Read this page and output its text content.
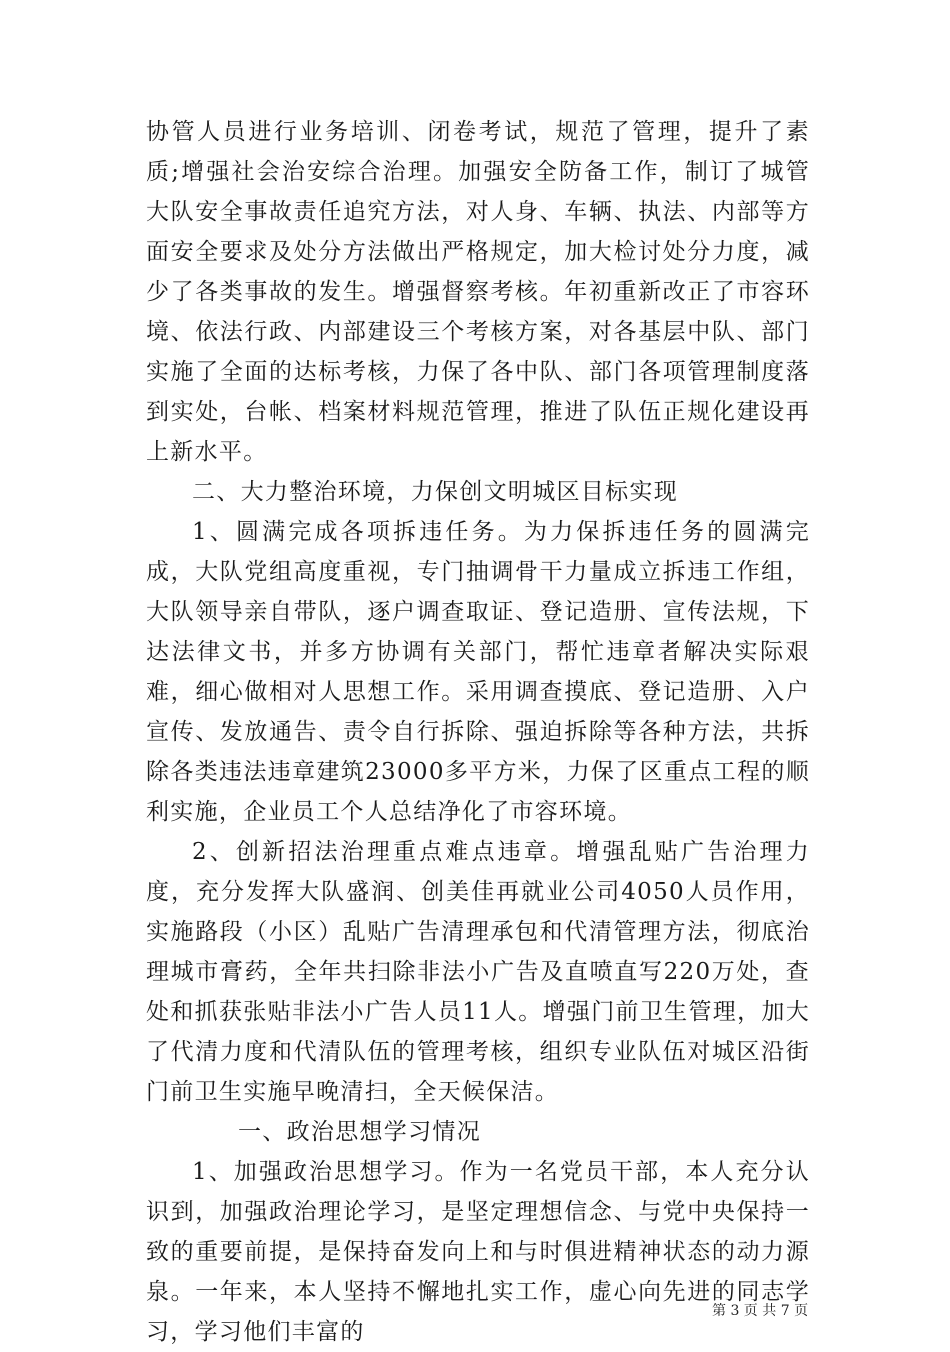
协管人员进行业务培训、闭卷考试，规范了管理，提升了素质;增强社会治安综合治理。加强安全防备工作，制订了城管大队安全事故责任追究方法，对人身、车辆、执法、内部等方面安全要求及处分方法做出严格规定，加大检讨处分力度，减少了各类事故的发生。增强督察考核。年初重新改正了市容环境、依法行政、内部建设三个考核方案，对各基层中队、部门实施了全面的达标考核，力保了各中队、部门各项管理制度落到实处，台帐、档案材料规范管理，推进了队伍正规化建设再上新水平。

二、大力整治环境，力保创文明城区目标实现

1、圆满完成各项拆违任务。为力保拆违任务的圆满完成，大队党组高度重视，专门抽调骨干力量成立拆违工作组，大队领导亲自带队，逐户调查取证、登记造册、宣传法规，下达法律文书，并多方协调有关部门，帮忙违章者解决实际艰难，细心做相对人思想工作。采用调查摸底、登记造册、入户宣传、发放通告、责令自行拆除、强迫拆除等各种方法，共拆除各类违法违章建筑23000多平方米，力保了区重点工程的顺利实施，企业员工个人总结净化了市容环境。

2、创新招法治理重点难点违章。增强乱贴广告治理力度，充分发挥大队盛润、创美佳再就业公司4050人员作用，实施路段（小区）乱贴广告清理承包和代清管理方法，彻底治理城市膏药，全年共扫除非法小广告及直喷直写220万处，查处和抓获张贴非法小广告人员11人。增强门前卫生管理，加大了代清力度和代清队伍的管理考核，组织专业队伍对城区沿街门前卫生实施早晚清扫，全天候保洁。

一、政治思想学习情况

1、加强政治思想学习。作为一名党员干部，本人充分认识到，加强政治理论学习，是坚定理想信念、与党中央保持一致的重要前提，是保持奋发向上和与时俱进精神状态的动力源泉。一年来，本人坚持不懈地扎实工作，虚心向先进的同志学习，学习他们丰富的

第 3 页 共 7 页
